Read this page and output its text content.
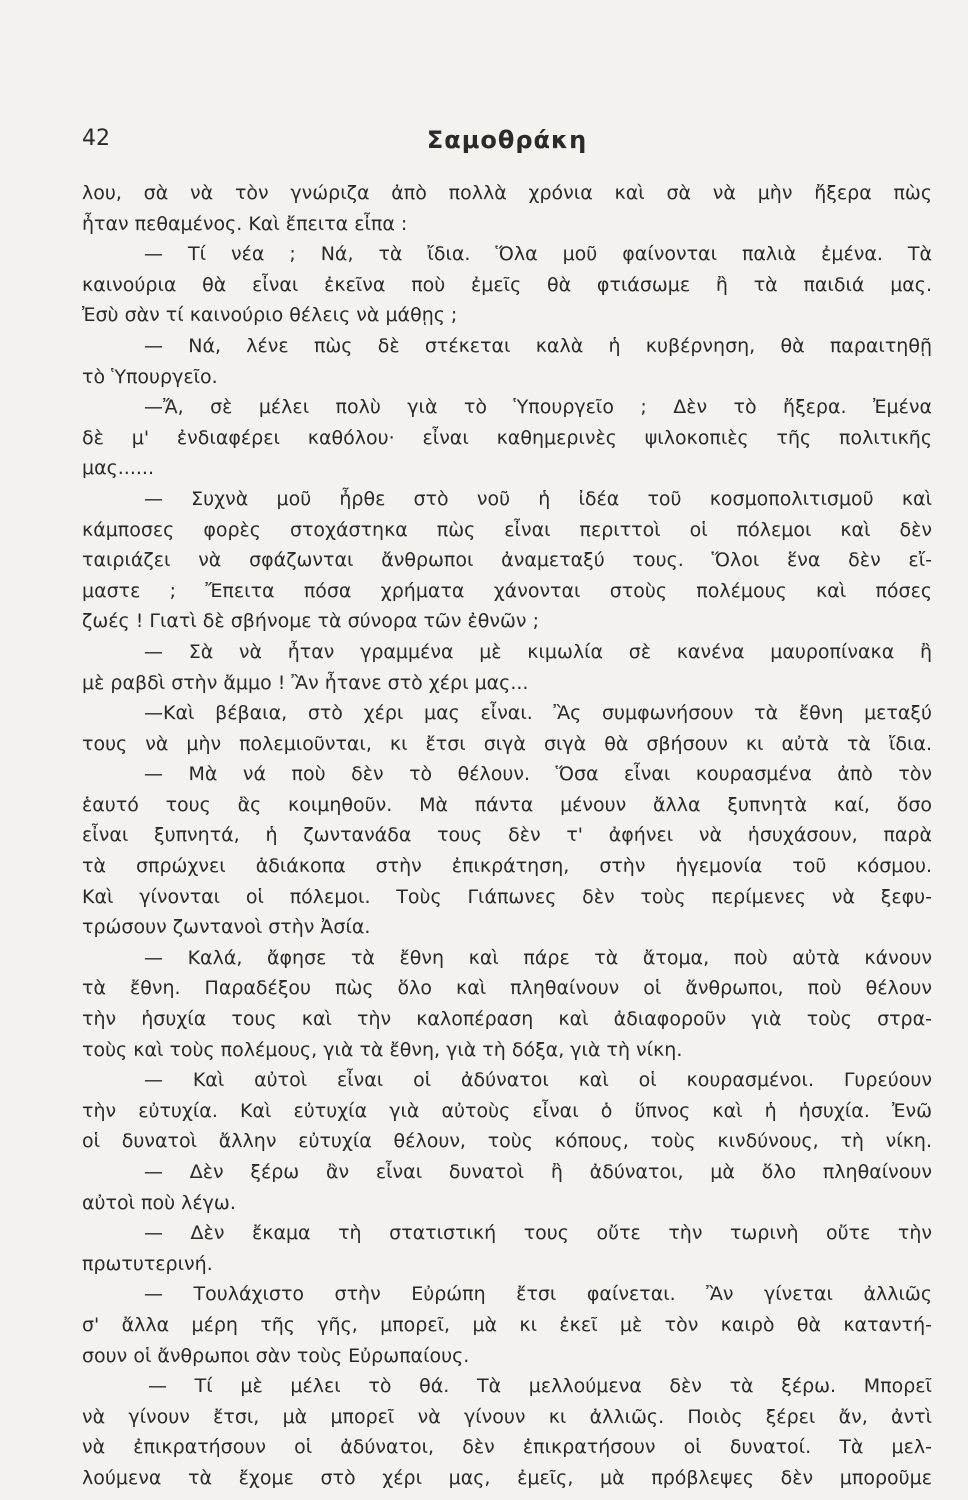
42	Σαμοθράκη
λου, σὰ νὰ τὸν γνώριζα ἀπὸ πολλὰ χρόνια καὶ σὰ νὰ μὴν ἤξερα πὼς
ἦταν πεθαμένος. Καὶ ἔπειτα εἶπα :
— Τί νέα ; Νά, τὰ ἴδια. Ὅλα μοῦ φαίνονται παλιὰ ἐμένα. Τὰ
καινούρια θὰ εἶναι ἐκεῖνα ποὺ ἐμεῖς θὰ φτιάσωμε ἢ τὰ παιδιά μας.
Ἐσὺ σὰν τί καινούριο θέλεις νὰ μάθῃς ;
— Νά, λένε πὼς δὲ στέκεται καλὰ ἡ κυβέρνηση, θὰ παραιτηθῇ
τὸ Ὑπουργεῖο.
—Ἄ, σὲ μέλει πολὺ γιὰ τὸ Ὑπουργεῖο ; Δὲν τὸ ἤξερα. Ἐμένα
δὲ μ' ἐνδιαφέρει καθόλου· εἶναι καθημερινὲς ψιλοκοπιὲς τῆς πολιτικῆς
μας......
— Συχνὰ μοῦ ἦρθε στὸ νοῦ ἡ ἰδέα τοῦ κοσμοπολιτισμοῦ καὶ
κάμποσες φορὲς στοχάστηκα πὼς εἶναι περιττοὶ οἱ πόλεμοι καὶ δὲν
ταιριάζει νὰ σφάζωνται ἄνθρωποι ἀναμεταξύ τους. Ὅλοι ἕνα δὲν εἴ-
μαστε ; Ἔπειτα πόσα χρήματα χάνονται στοὺς πολέμους καὶ πόσες
ζωές ! Γιατὶ δὲ σβήνομε τὰ σύνορα τῶν ἐθνῶν ;
— Σὰ νὰ ἦταν γραμμένα μὲ κιμωλία σὲ κανένα μαυροπίνακα ἢ
μὲ ραβδὶ στὴν ἄμμο ! Ἂν ἦτανε στὸ χέρι μας...
—Καὶ βέβαια, στὸ χέρι μας εἶναι. Ἂς συμφωνήσουν τὰ ἔθνη μεταξύ
τους νὰ μὴν πολεμιοῦνται, κι ἔτσι σιγὰ σιγὰ θὰ σβήσουν κι αὐτὰ τὰ ἴδια.
— Μὰ νά ποὺ δὲν τὸ θέλουν. Ὅσα εἶναι κουρασμένα ἀπὸ τὸν
ἑαυτό τους ἂς κοιμηθοῦν. Μὰ πάντα μένουν ἄλλα ξυπνητὰ καί, ὅσο
εἶναι ξυπνητά, ἡ ζωντανάδα τους δὲν τ' ἀφήνει νὰ ἡσυχάσουν, παρὰ
τὰ σπρώχνει ἀδιάκοπα στὴν ἐπικράτηση, στὴν ἡγεμονία τοῦ κόσμου.
Καὶ γίνονται οἱ πόλεμοι. Τοὺς Γιάπωνες δὲν τοὺς περίμενες νὰ ξεφυ-
τρώσουν ζωντανοὶ στὴν Ἀσία.
— Καλά, ἄφησε τὰ ἔθνη καὶ πάρε τὰ ἄτομα, ποὺ αὐτὰ κάνουν
τὰ ἔθνη. Παραδέξου πὼς ὅλο καὶ πληθαίνουν οἱ ἄνθρωποι, ποὺ θέλουν
τὴν ἡσυχία τους καὶ τὴν καλοπέραση καὶ ἀδιαφοροῦν γιὰ τοὺς στρα-
τοὺς καὶ τοὺς πολέμους, γιὰ τὰ ἔθνη, γιὰ τὴ δόξα, γιὰ τὴ νίκη.
— Καὶ αὐτοὶ εἶναι οἱ ἀδύνατοι καὶ οἱ κουρασμένοι. Γυρεύουν
τὴν εὐτυχία. Καὶ εὐτυχία γιὰ αὐτοὺς εἶναι ὁ ὕπνος καὶ ἡ ἡσυχία. Ἐνῶ
οἱ δυνατοὶ ἄλλην εὐτυχία θέλουν, τοὺς κόπους, τοὺς κινδύνους, τὴ νίκη.
— Δὲν ξέρω ἂν εἶναι δυνατοὶ ἢ ἀδύνατοι, μὰ ὅλο πληθαίνουν
αὐτοὶ ποὺ λέγω.
— Δὲν ἔκαμα τὴ στατιστική τους οὔτε τὴν τωρινὴ οὔτε τὴν
πρωτυτερινή.
— Τουλάχιστο στὴν Εὐρώπη ἔτσι φαίνεται. Ἂν γίνεται ἀλλιῶς
σ' ἄλλα μέρη τῆς γῆς, μπορεῖ, μὰ κι ἐκεῖ μὲ τὸν καιρὸ θὰ καταντή-
σουν οἱ ἄνθρωποι σὰν τοὺς Εὐρωπαίους.
— Τί μὲ μέλει τὸ θά. Τὰ μελλούμενα δὲν τὰ ξέρω. Μπορεῖ
νὰ γίνουν ἔτσι, μὰ μπορεῖ νὰ γίνουν κι ἀλλιῶς. Ποιὸς ξέρει ἄν, ἀντὶ
νὰ ἐπικρατήσουν οἱ ἀδύνατοι, δὲν ἐπικρατήσουν οἱ δυνατοί. Τὰ μελ-
λούμενα τὰ ἔχομε στὸ χέρι μας, ἐμεῖς, μὰ πρόβλεψες δὲν μποροῦμε
